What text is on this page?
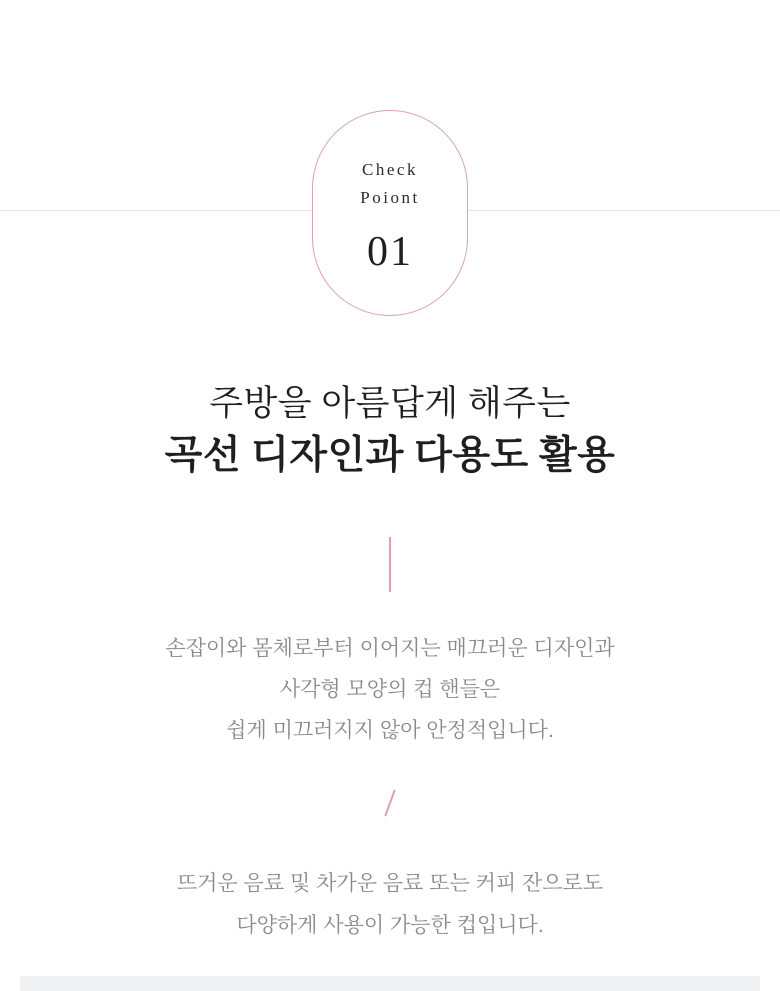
Check
Poiont
01
주방을 아름답게 해주는
곡선 디자인과 다용도 활용
손잡이와 몸체로부터 이어지는 매끄러운 디자인과
사각형 모양의 컵 핸들은
쉽게 미끄러지지 않아 안정적입니다.
뜨거운 음료 및 차가운 음료 또는 커피 잔으로도
다양하게 사용이 가능한 컵입니다.
